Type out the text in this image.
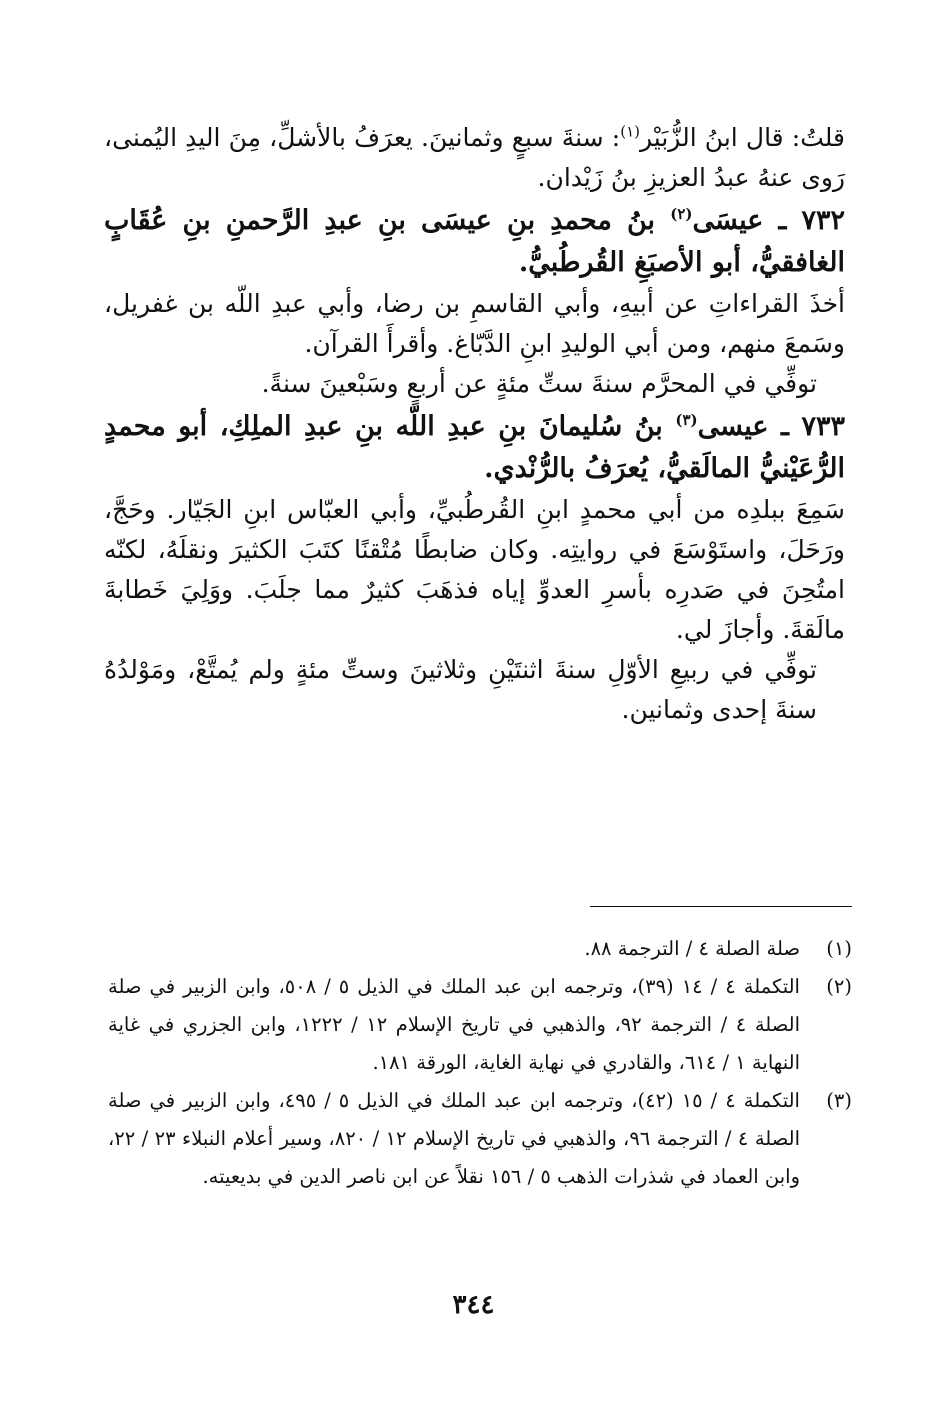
قلتُ: قال ابنُ الزُّبَيْر$^{(١)}$: سنةَ سبعٍ وثمانينَ. يعرَفُ بالأشلِّ، مِنَ اليدِ اليُمنى، رَوى عنهُ عبدُ العزيزِ بنُ زَيْدان.

٧٣٢ ـ عيسَى$^{(٢)}$ بنُ محمدِ بنِ عيسَى بنِ عبدِ الرَّحمنِ بنِ عُقَابٍ الغافقيُّ، أبو الأصبَغِ القُرطُبيُّ.

أخذَ القراءاتِ عن أبيهِ، وأبي القاسمِ بن رضا، وأبي عبدِ اللّه بن غفريل، وسَمعَ منهم، ومن أبي الوليدِ ابنِ الدَّبّاغ. وأقرأَ القرآن.

توفِّي في المحرَّم سنةَ ستِّ مئةٍ عن أربعٍ وسَبْعينَ سنةً.

٧٣٣ ـ عيسى$^{(٣)}$ بنُ سُليمانَ بنِ عبدِ اللّه بنِ عبدِ الملِكِ، أبو محمدٍ الرُّعَيْنيُّ المالَقيُّ، يُعرَفُ بالرُّنْدي.

سَمِعَ ببلدِه من أبي محمدٍ ابنِ القُرطُبيِّ، وأبي العبّاس ابنِ الجَيّار. وحَجَّ، ورَحَلَ، واستَوْسَعَ في روايتِه. وكان ضابطًا مُتْقنًا كتَبَ الكثيرَ ونقلَهُ، لكنّه امتُحِنَ في صَدرِه بأسرِ العدوِّ إياه فذهَبَ كثيرٌ مما جلَبَ. ووَلِيَ خَطابةَ مالَقةَ. وأجازَ لي.

توفِّي في ربيعِ الأوّلِ سنةَ اثنتَيْنِ وثلاثينَ وستِّ مئةٍ ولم يُمتَّعْ، ومَوْلدُهُ سنةَ إحدى وثمانين.

(١)
صلة الصلة ٤ / الترجمة ٨٨.
(٢)
التكملة ٤ / ١٤ (٣٩)، وترجمه ابن عبد الملك في الذيل ٥ / ٥٠٨، وابن الزبير في صلة الصلة ٤ / الترجمة ٩٢، والذهبي في تاريخ الإسلام ١٢ / ١٢٢٢، وابن الجزري في غاية النهاية ١ / ٦١٤، والقادري في نهاية الغاية، الورقة ١٨١.
(٣)
التكملة ٤ / ١٥ (٤٢)، وترجمه ابن عبد الملك في الذيل ٥ / ٤٩٥، وابن الزبير في صلة الصلة ٤ / الترجمة ٩٦، والذهبي في تاريخ الإسلام ١٢ / ٨٢٠، وسير أعلام النبلاء ٢٣ / ٢٢، وابن العماد في شذرات الذهب ٥ / ١٥٦ نقلاً عن ابن ناصر الدين في بديعيته.
٣٤٤
